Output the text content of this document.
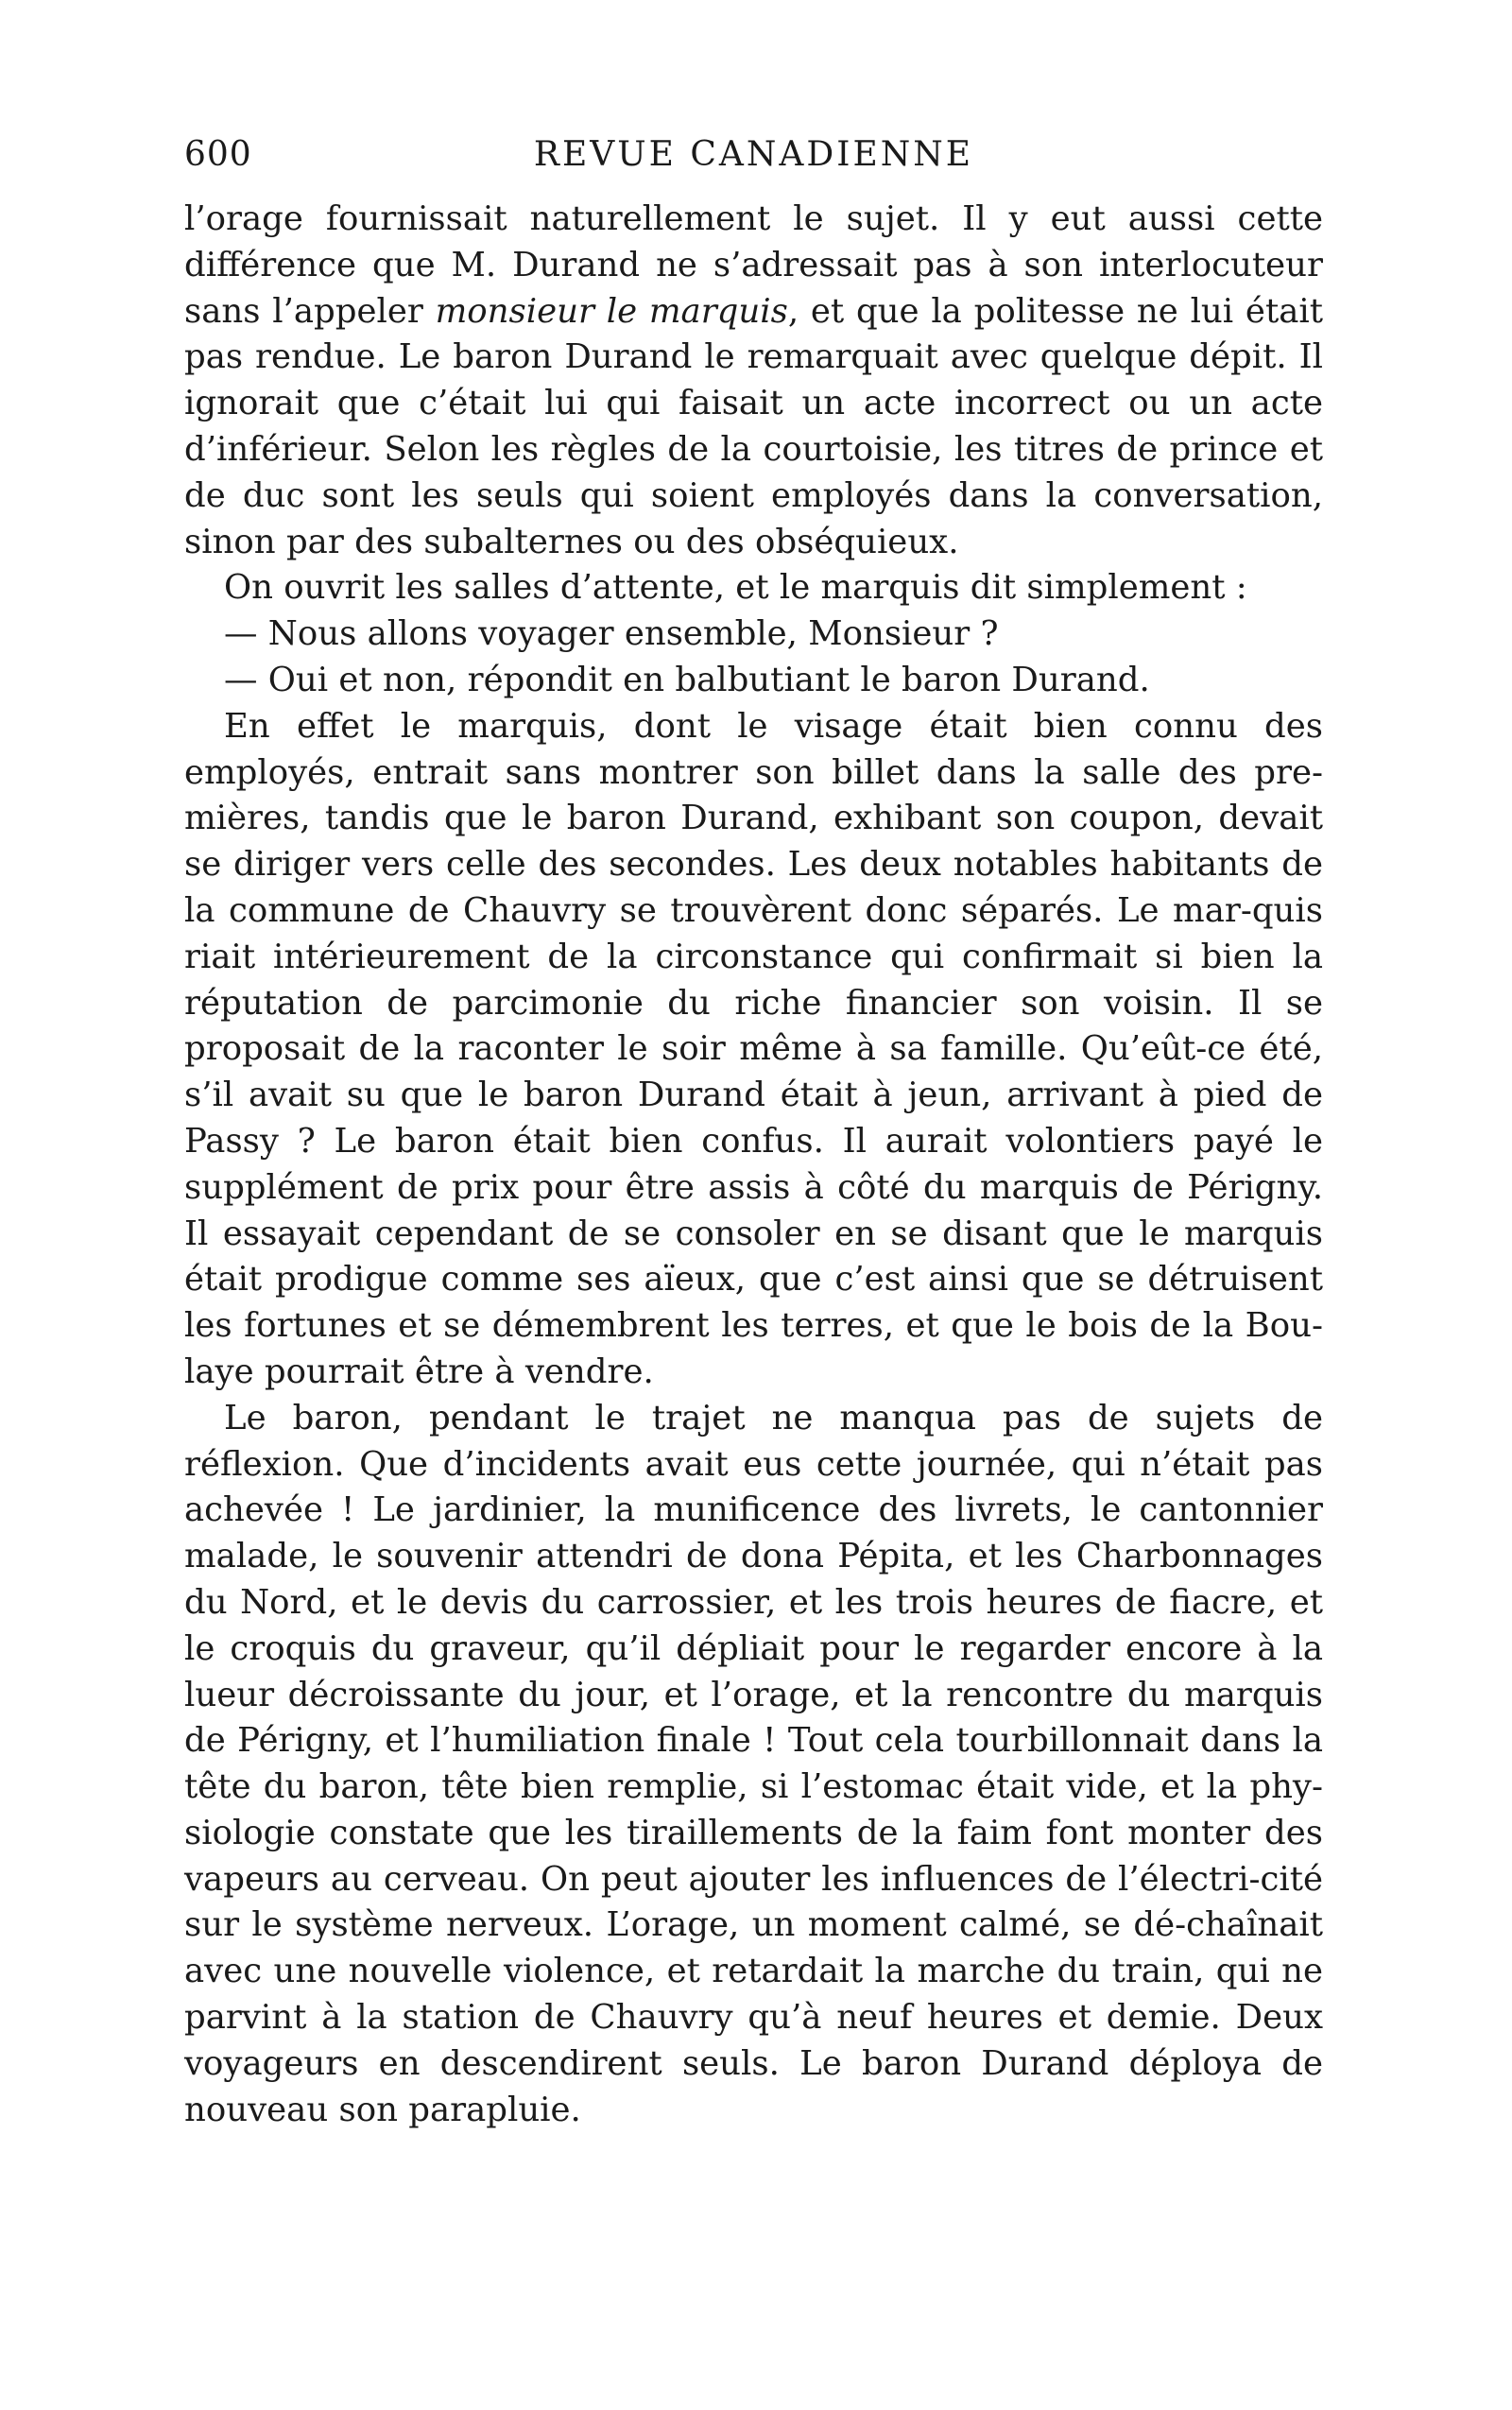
600	REVUE CANADIENNE

l’orage fournissait naturellement le sujet. Il y eut aussi cette différence que M. Durand ne s’adressait pas à son interlocuteur sans l’appeler monsieur le marquis, et que la politesse ne lui était pas rendue. Le baron Durand le remarquait avec quelque dépit. Il ignorait que c’était lui qui faisait un acte incorrect ou un acte d’inférieur. Selon les règles de la courtoisie, les titres de prince et de duc sont les seuls qui soient employés dans la conversation, sinon par des subalternes ou des obséquieux.

On ouvrit les salles d’attente, et le marquis dit simplement :

— Nous allons voyager ensemble, Monsieur ?

— Oui et non, répondit en balbutiant le baron Durand.

En effet le marquis, dont le visage était bien connu des employés, entrait sans montrer son billet dans la salle des pre-mières, tandis que le baron Durand, exhibant son coupon, devait se diriger vers celle des secondes. Les deux notables habitants de la commune de Chauvry se trouvèrent donc séparés. Le mar-quis riait intérieurement de la circonstance qui confirmait si bien la réputation de parcimonie du riche financier son voisin. Il se proposait de la raconter le soir même à sa famille. Qu’eût-ce été, s’il avait su que le baron Durand était à jeun, arrivant à pied de Passy ? Le baron était bien confus. Il aurait volontiers payé le supplément de prix pour être assis à côté du marquis de Périgny. Il essayait cependant de se consoler en se disant que le marquis était prodigue comme ses aïeux, que c’est ainsi que se détruisent les fortunes et se démembrent les terres, et que le bois de la Bou-laye pourrait être à vendre.

Le baron, pendant le trajet ne manqua pas de sujets de réflexion. Que d’incidents avait eus cette journée, qui n’était pas achevée ! Le jardinier, la munificence des livrets, le cantonnier malade, le souvenir attendri de dona Pépita, et les Charbonnages du Nord, et le devis du carrossier, et les trois heures de fiacre, et le croquis du graveur, qu’il dépliait pour le regarder encore à la lueur décroissante du jour, et l’orage, et la rencontre du marquis de Périgny, et l’humiliation finale ! Tout cela tourbillonnait dans la tête du baron, tête bien remplie, si l’estomac était vide, et la phy-siologie constate que les tiraillements de la faim font monter des vapeurs au cerveau. On peut ajouter les influences de l’électri-cité sur le système nerveux. L’orage, un moment calmé, se dé-chaînait avec une nouvelle violence, et retardait la marche du train, qui ne parvint à la station de Chauvry qu’à neuf heures et demie. Deux voyageurs en descendirent seuls. Le baron Durand déploya de nouveau son parapluie.
